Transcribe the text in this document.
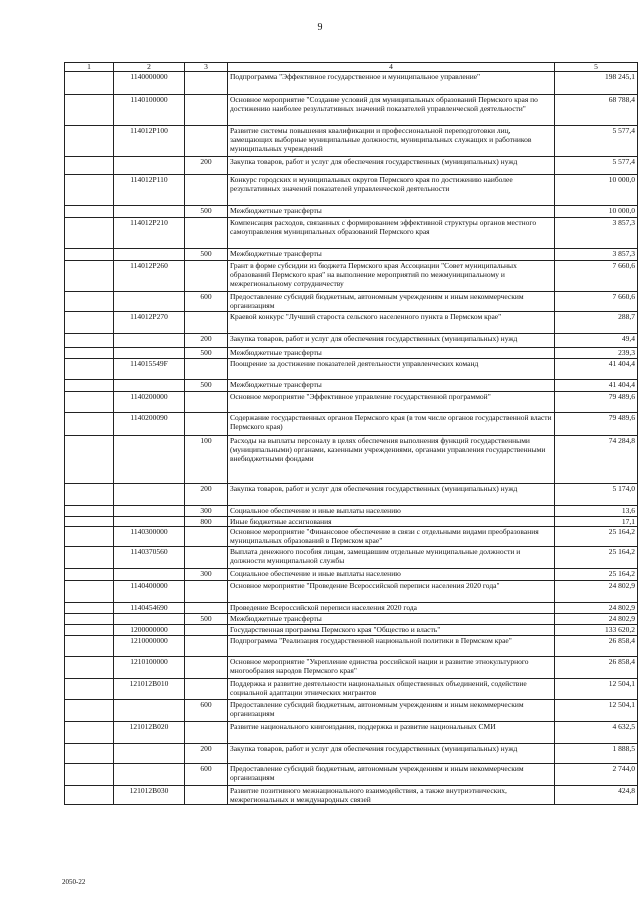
9
1	2	3	4	5
	1140000000		Подпрограмма "Эффективное государственное и муниципальное управление"	198 245,1
	1140100000		Основное мероприятие "Создание условий для муниципальных образований Пермского края по достижению наиболее результативных значений показателей управленческой деятельности"	68 788,4
	114012P100		Развитие системы повышения квалификации и профессиональной переподготовки лиц, замещающих выборные муниципальные должности, муниципальных служащих и работников муниципальных учреждений	5 577,4
		200	Закупка товаров, работ и услуг для обеспечения государственных (муниципальных) нужд	5 577,4
	114012P110		Конкурс городских и муниципальных округов Пермского края по достижению наиболее результативных значений показателей управленческой деятельности	10 000,0
		500	Межбюджетные трансферты	10 000,0
	114012P210		Компенсация расходов, связанных с формированием эффективной структуры органов местного самоуправления муниципальных образований Пермского края	3 857,3
		500	Межбюджетные трансферты	3 857,3
	114012P260		Грант в форме субсидии из бюджета Пермского края Ассоциации "Совет муниципальных образований Пермского края" на выполнение мероприятий по межмуниципальному и межрегиональному сотрудничеству	7 660,6
		600	Предоставление субсидий бюджетным, автономным учреждениям и иным некоммерческим организациям	7 660,6
	114012P270		Краевой конкурс "Лучший староста сельского населенного пункта в Пермском крае"	288,7
		200	Закупка товаров, работ и услуг для обеспечения государственных (муниципальных) нужд	49,4
		500	Межбюджетные трансферты	239,3
	114015549F		Поощрение за достижение показателей деятельности управленческих команд	41 404,4
		500	Межбюджетные трансферты	41 404,4
	1140200000		Основное мероприятие "Эффективное управление государственной программой"	79 489,6
	1140200090		Содержание государственных органов Пермского края (в том числе органов государственной власти Пермского края)	79 489,6
		100	Расходы на выплаты персоналу в целях обеспечения выполнения функций государственными (муниципальными) органами, казенными учреждениями, органами управления государственными внебюджетными фондами	74 284,8
		200	Закупка товаров, работ и услуг для обеспечения государственных (муниципальных) нужд	5 174,0
		300	Социальное обеспечение и иные выплаты населению	13,6
		800	Иные бюджетные ассигнования	17,1
	1140300000		Основное мероприятие "Финансовое обеспечение в связи с отдельными видами преобразования муниципальных образований в Пермском крае"	25 164,2
	1140370560		Выплата денежного пособия лицам, замещавшим отдельные муниципальные должности и должности муниципальной службы	25 164,2
		300	Социальное обеспечение и иные выплаты населению	25 164,2
	1140400000		Основное мероприятие "Проведение Всероссийской переписи населения 2020 года"	24 802,9
	1140454690		Проведение Всероссийской переписи населения 2020 года	24 802,9
		500	Межбюджетные трансферты	24 802,9
	1200000000		Государственная программа Пермского края "Общество и власть"	133 620,2
	1210000000		Подпрограмма "Реализация государственной национальной политики в Пермском крае"	26 858,4
	1210100000		Основное мероприятие "Укрепление единства российской нации и развитие этнокультурного многообразия народов Пермского края"	26 858,4
	121012B010		Поддержка и развитие деятельности национальных общественных объединений, содействие социальной адаптации этнических мигрантов	12 504,1
		600	Предоставление субсидий бюджетным, автономным учреждениям и иным некоммерческим организациям	12 504,1
	121012B020		Развитие национального книгоиздания, поддержка и развитие национальных СМИ	4 632,5
		200	Закупка товаров, работ и услуг для обеспечения государственных (муниципальных) нужд	1 888,5
		600	Предоставление субсидий бюджетным, автономным учреждениям и иным некоммерческим организациям	2 744,0
	121012B030		Развитие позитивного межнационального взаимодействия, а также внутриэтнических, межрегиональных и международных связей	424,8
2050-22
